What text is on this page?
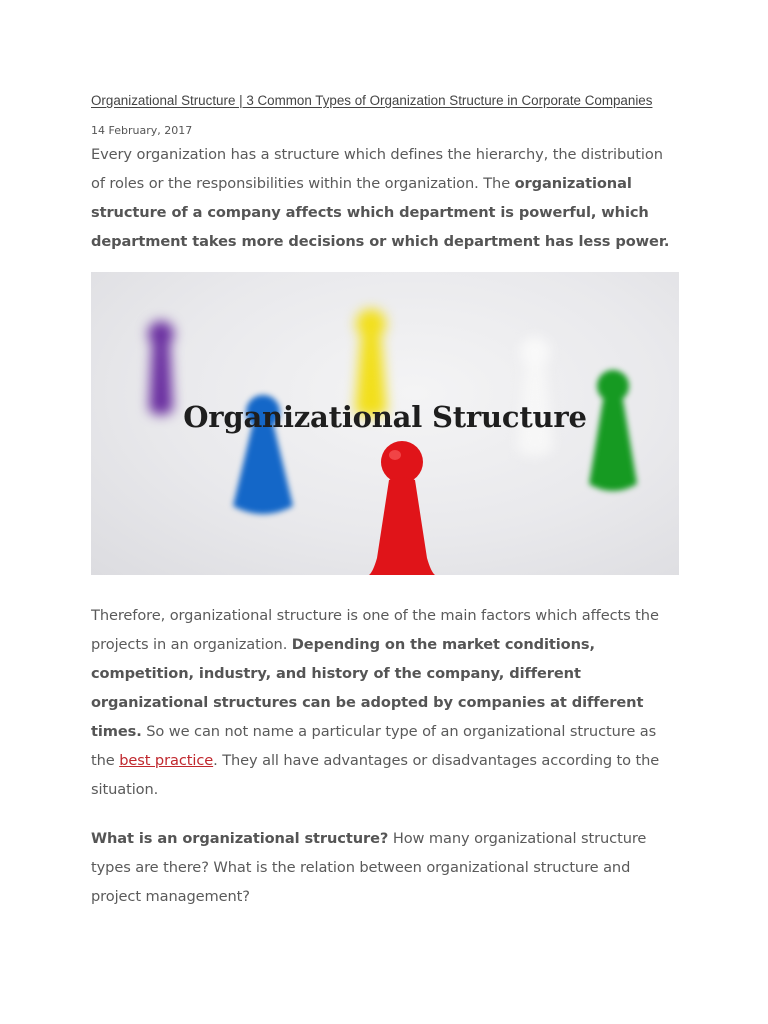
Organizational Structure | 3 Common Types of Organization Structure in Corporate Companies
14 February, 2017

Every organization has a structure which defines the hierarchy, the distribution of roles or the responsibilities within the organization. The organizational structure of a company affects which department is powerful, which department takes more decisions or which department has less power.

Organizational Structure

Therefore, organizational structure is one of the main factors which affects the projects in an organization. Depending on the market conditions, competition, industry, and history of the company, different organizational structures can be adopted by companies at different times. So we can not name a particular type of an organizational structure as the best practice. They all have advantages or disadvantages according to the situation.

What is an organizational structure? How many organizational structure types are there? What is the relation between organizational structure and project management?
